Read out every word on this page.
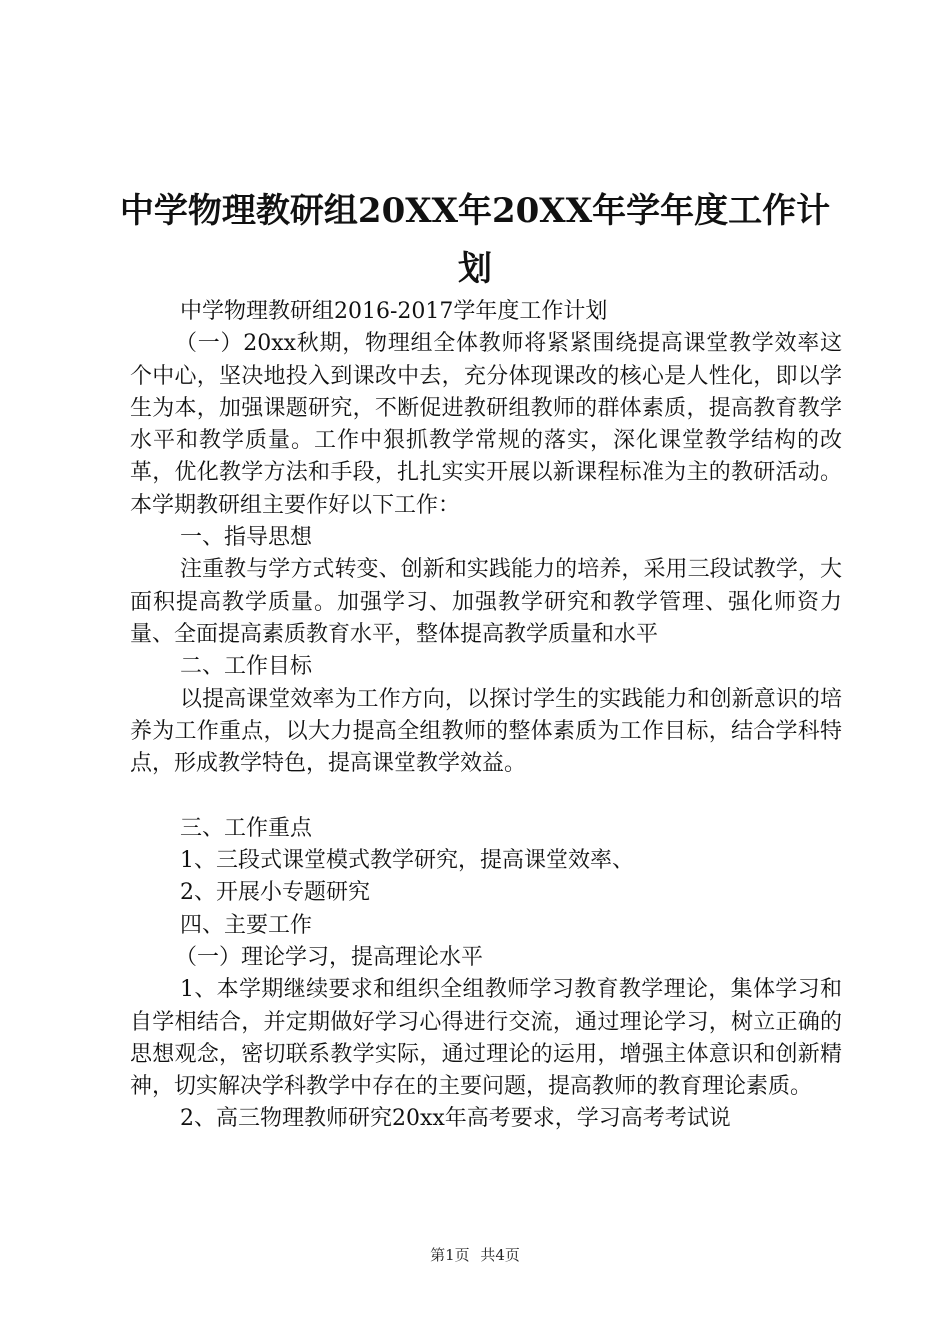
中学物理教研组20XX年20XX年学年度工作计划

中学物理教研组2016-2017学年度工作计划

（一）20xx秋期，物理组全体教师将紧紧围绕提高课堂教学效率这个中心，坚决地投入到课改中去，充分体现课改的核心是人性化，即以学生为本，加强课题研究，不断促进教研组教师的群体素质，提高教育教学水平和教学质量。工作中狠抓教学常规的落实，深化课堂教学结构的改革，优化教学方法和手段，扎扎实实开展以新课程标准为主的教研活动。本学期教研组主要作好以下工作：

一、指导思想

注重教与学方式转变、创新和实践能力的培养，采用三段试教学，大面积提高教学质量。加强学习、加强教学研究和教学管理、强化师资力量、全面提高素质教育水平，整体提高教学质量和水平

二、工作目标

以提高课堂效率为工作方向，以探讨学生的实践能力和创新意识的培养为工作重点，以大力提高全组教师的整体素质为工作目标，结合学科特点，形成教学特色，提高课堂教学效益。

三、工作重点

1、三段式课堂模式教学研究，提高课堂效率、

2、开展小专题研究

四、主要工作

（一）理论学习，提高理论水平

1、本学期继续要求和组织全组教师学习教育教学理论，集体学习和自学相结合，并定期做好学习心得进行交流，通过理论学习，树立正确的思想观念，密切联系教学实际，通过理论的运用，增强主体意识和创新精神，切实解决学科教学中存在的主要问题，提高教师的教育理论素质。

2、高三物理教师研究20xx年高考要求，学习高考考试说

第1页 共4页
